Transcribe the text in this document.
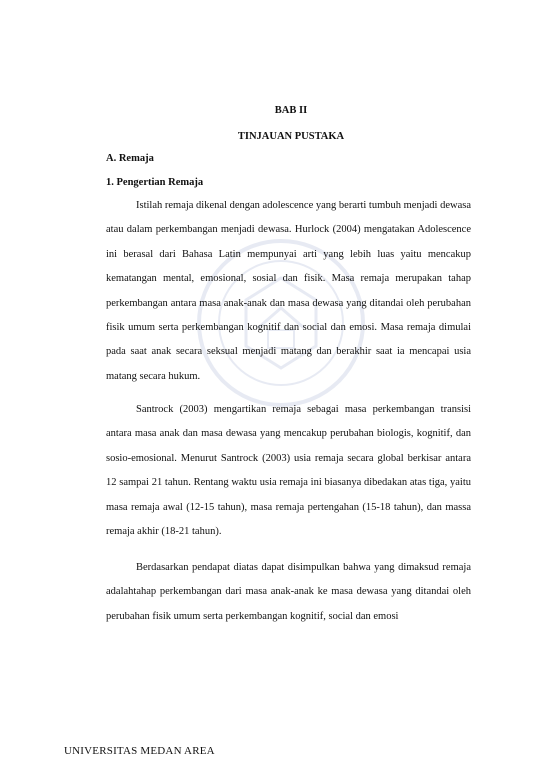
BAB II
TINJAUAN PUSTAKA
A. Remaja
1. Pengertian Remaja

Istilah remaja dikenal dengan adolescence yang berarti tumbuh menjadi dewasa atau dalam perkembangan menjadi dewasa. Hurlock (2004) mengatakan Adolescence ini berasal dari Bahasa Latin mempunyai arti yang lebih luas yaitu mencakup kematangan mental, emosional, sosial dan fisik. Masa remaja merupakan tahap perkembangan antara masa anak-anak dan masa dewasa yang ditandai oleh perubahan fisik umum serta perkembangan kognitif dan social dan emosi. Masa remaja dimulai pada saat anak secara seksual menjadi matang dan berakhir saat ia mencapai usia matang secara hukum.

Santrock (2003) mengartikan remaja sebagai masa perkembangan transisi antara masa anak dan masa dewasa yang mencakup perubahan biologis, kognitif, dan sosio-emosional. Menurut Santrock (2003) usia remaja secara global berkisar antara 12 sampai 21 tahun. Rentang waktu usia remaja ini biasanya dibedakan atas tiga, yaitu masa remaja awal (12-15 tahun), masa remaja pertengahan (15-18 tahun), dan massa remaja akhir (18-21 tahun).

Berdasarkan pendapat diatas dapat disimpulkan bahwa yang dimaksud remaja adalahtahap perkembangan dari masa anak-anak ke masa dewasa yang ditandai oleh perubahan fisik umum serta perkembangan kognitif, social dan emosi

UNIVERSITAS MEDAN AREA
